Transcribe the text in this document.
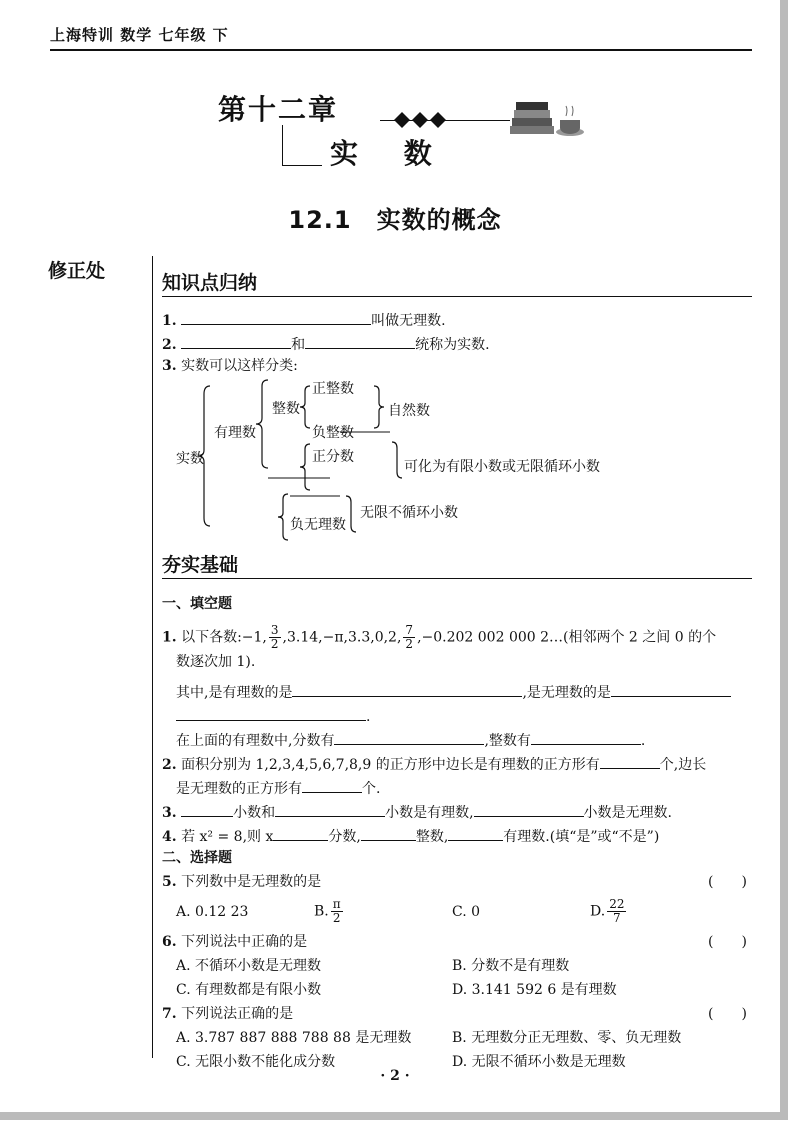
上海特训 数学 七年级 下
第十二章
实 数
12.1　实数的概念
修正处
知识点归纳
1.	叫做无理数.
2.	和	统称为实数.
3. 实数可以这样分类:
实数
有理数
整数
正整数
负整数
自然数
正分数
可化为有限小数或无限循环小数
负无理数
无限不循环小数
夯实基础
一、填空题
1. 以下各数:−1, $\frac{3}{2} ,3.14,-\pi,3.3,0,2$, $\frac{7}{2} ,-0.202$ 002 000 2…(相邻两个 2 之间 0 的个
数逐次加 1).
其中,是有理数的是	,是无理数的是
.
在上面的有理数中,分数有	,整数有	.
2. 面积分别为 1,2,3,4,5,6,7,8,9 的正方形中边长是有理数的正方形有	个,边长
是无理数的正方形有	个.
3.	小数和	小数是有理数,	小数是无理数.
4. 若 x² = 8,则 x	分数,	整数,	有理数.(填“是”或“不是”)
二、选择题
5. 下列数中是无理数的是	(　　)
A. 0.12 23	B. $\frac{\pi}{2}$	C. 0	D. $\frac{22}{7}$
6. 下列说法中正确的是	(　　)
A. 不循环小数是无理数	B. 分数不是有理数
C. 有理数都是有限小数	D. 3.141 592 6 是有理数
7. 下列说法正确的是	(　　)
A. 3.787 887 888 788 88 是无理数	B. 无理数分正无理数、零、负无理数
C. 无限小数不能化成分数	D. 无限不循环小数是无理数
· 2 ·
